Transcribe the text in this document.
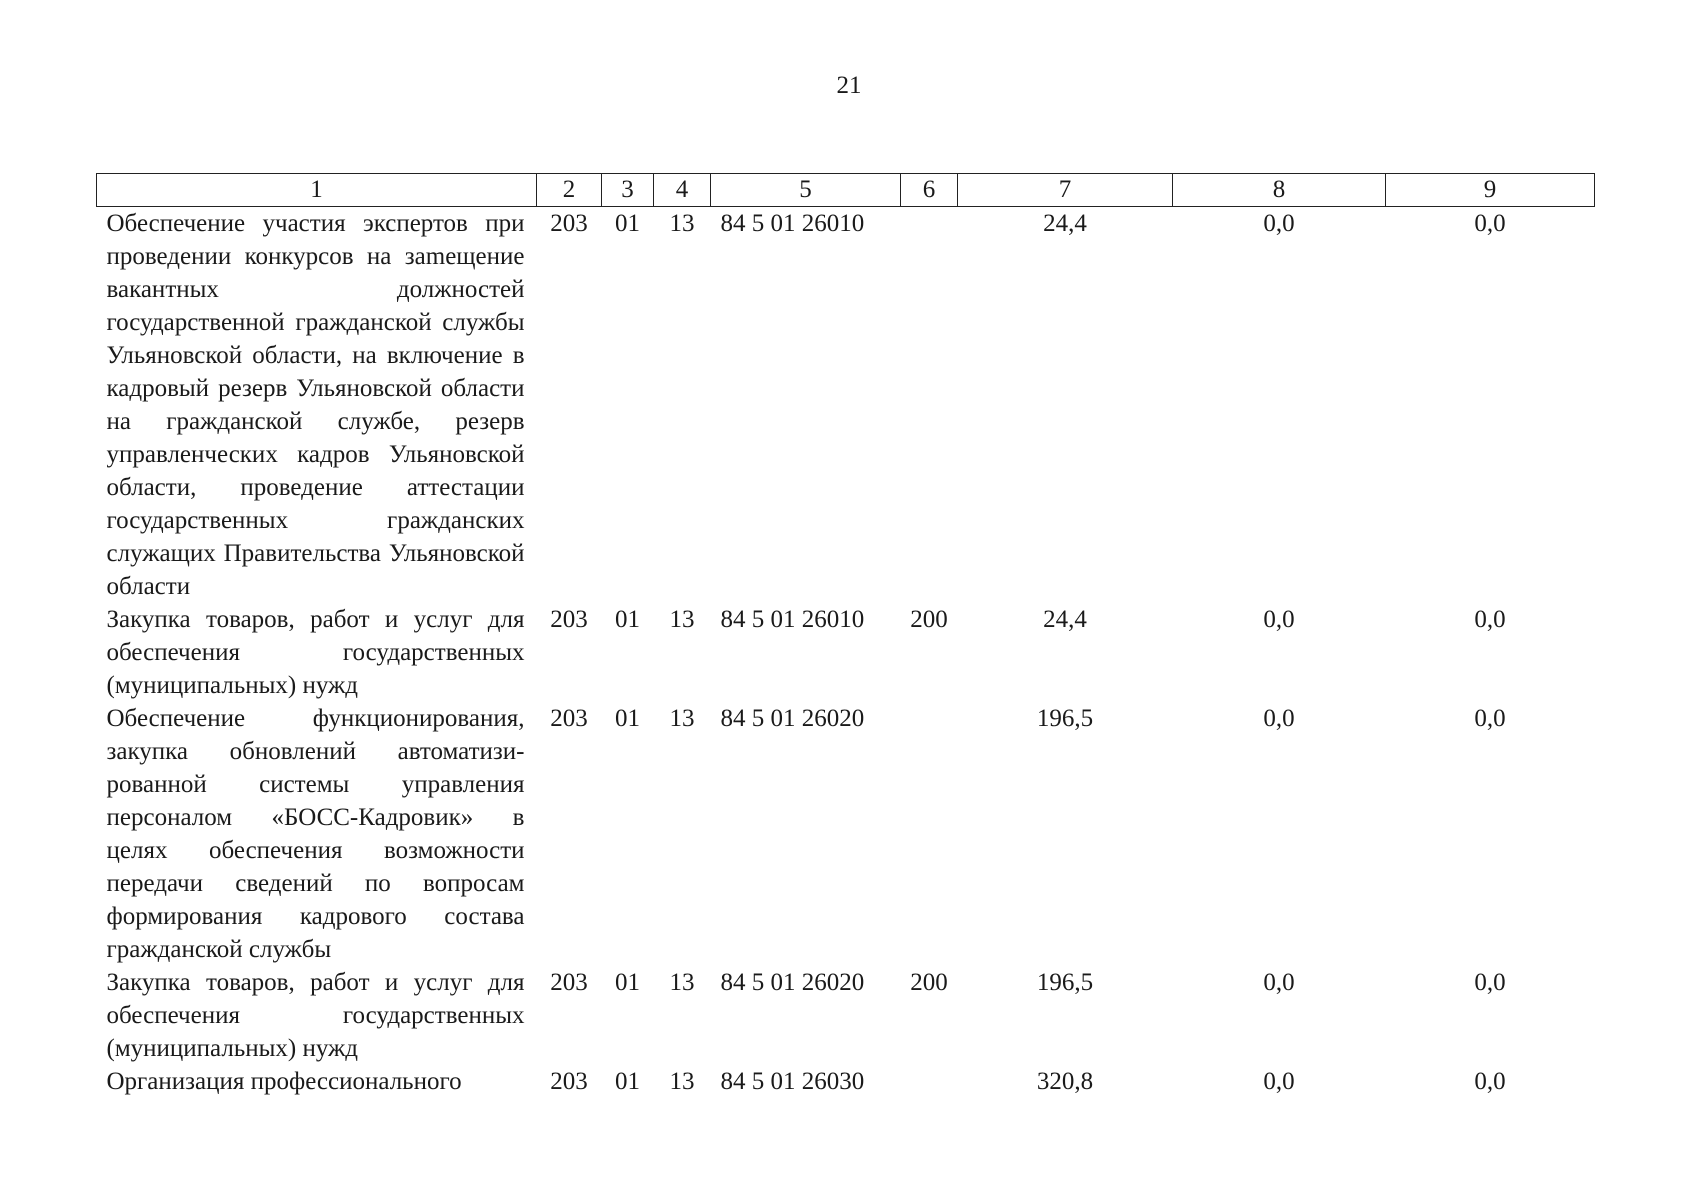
21
1	2	3	4	5	6	7	8	9
Обеспечение участия экспертов при проведении конкурсов на заmещение вакантных должностей государственной гражданской службы Ульяновской области, на включение в кадровый резерв Ульяновской области на гражданской службе, резерв управленческих кадров Ульяновской области, проведение аттестации государственных гражданских служащих Правительства Ульяновской области	203	01	13	84 5 01 26010		24,4	0,0	0,0
Закупка товаров, работ и услуг для обеспечения государственных (муниципальных) нужд	203	01	13	84 5 01 26010	200	24,4	0,0	0,0
Обеспечение функционирования, закупка обновлений автоматизированной системы управления персоналом «БОСС-Кадровик» в целях обеспечения возможности передачи сведений по вопросам формирования кадрового состава гражданской службы	203	01	13	84 5 01 26020		196,5	0,0	0,0
Закупка товаров, работ и услуг для обеспечения государственных (муниципальных) нужд	203	01	13	84 5 01 26020	200	196,5	0,0	0,0
Организация профессионального	203	01	13	84 5 01 26030		320,8	0,0	0,0
